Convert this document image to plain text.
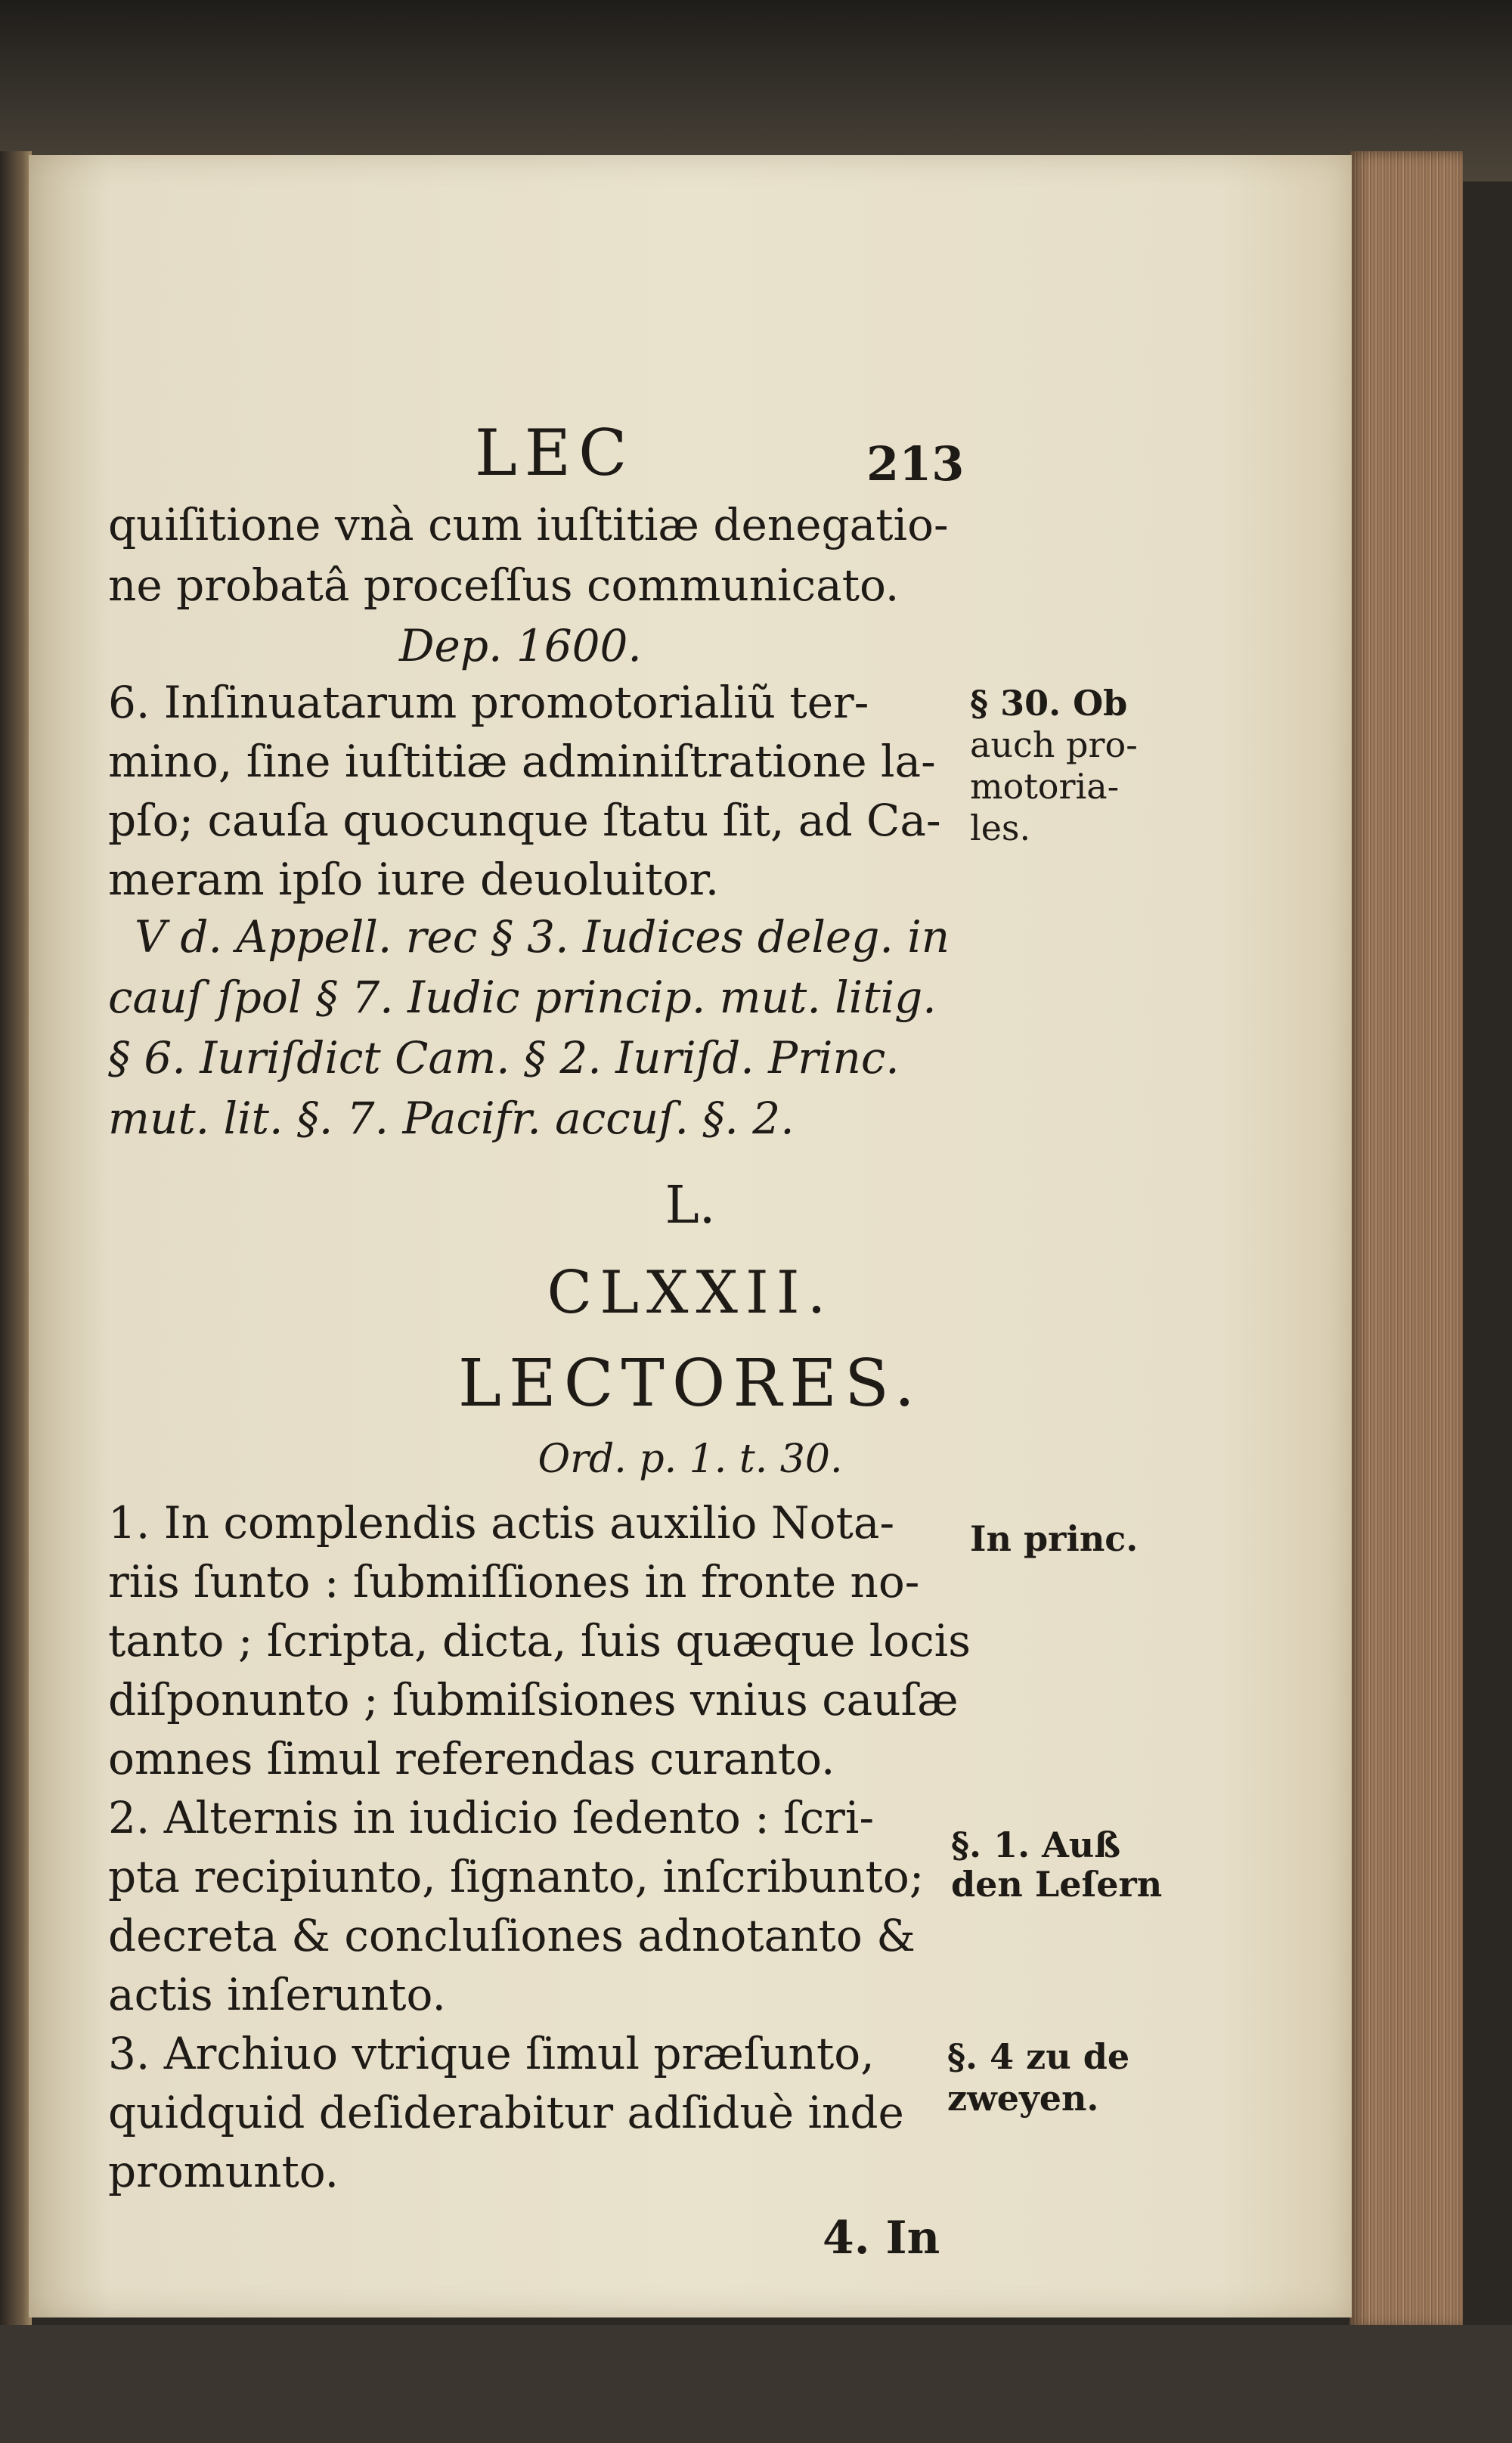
LEC	213
quiſitione vnà cum iuſtitiæ denegatio-
ne probatâ proceſſus communicato.
Dep. 1600.
6. Inſinuatarum promotorialiũ ter-
mino, ſine iuſtitiæ adminiſtratione la-
pſo; cauſa quocunque ſtatu ſit, ad Ca-
meram ipſo iure deuoluitor.
§ 30. Ob
auch pro-
motoria-
les.
V d. Appell. rec § 3. Iudices deleg. in
cauſ ſpol § 7. Iudic princip. mut. litig.
§ 6. Iuriſdict Cam. § 2. Iuriſd. Princ.
mut. lit. §. 7. Pacifr. accuſ. §. 2.
L.
CLXXII.
LECTORES.
Ord. p. 1. t. 30.
1. In complendis actis auxilio Nota-
riis ſunto : ſubmiſſiones in fronte no-
tanto ; ſcripta, dicta, ſuis quæque locis
diſponunto ; ſubmiſsiones vnius cauſæ
omnes ſimul referendas curanto.
In princ.
2. Alternis in iudicio ſedento : ſcri-
pta recipiunto, ſignanto, inſcribunto;
decreta & concluſiones adnotanto &
actis inſerunto.
§. 1. Auß
den Leſern
3. Archiuo vtrique ſimul præſunto,
quidquid deſiderabitur adſiduè inde
promunto.
§. 4 zu de
zweyen.
4. In
